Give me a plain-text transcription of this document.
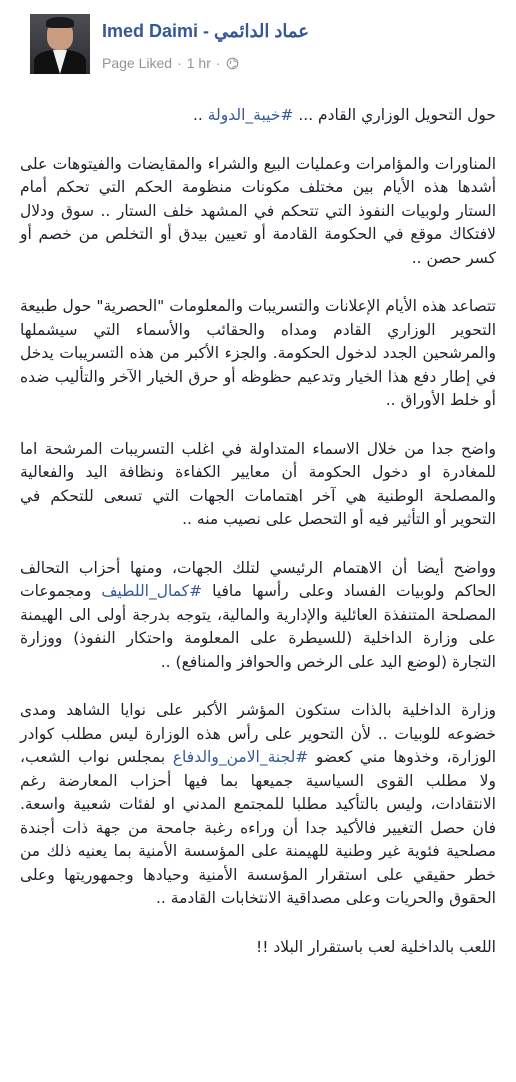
Imed Daimi - عماد الدائمي
Page Liked · 1 hr ·

حول التحويل الوزاري القادم ... #خيبة_الدولة ..

المناورات والمؤامرات وعمليات البيع والشراء والمقايضات والفيتوهات على أشدها هذه الأيام بين مختلف مكونات منظومة الحكم التي تحكم أمام الستار ولوبيات النفوذ التي تتحكم في المشهد خلف الستار .. سوق ودلال لافتكاك موقع في الحكومة القادمة أو تعيين بيدق أو التخلص من خصم أو كسر حصن ..

تتصاعد هذه الأيام الإعلانات والتسريبات والمعلومات "الحصرية" حول طبيعة التحوير الوزاري القادم ومداه والحقائب والأسماء التي سيشملها والمرشحين الجدد لدخول الحكومة. والجزء الأكبر من هذه التسريبات يدخل في إطار دفع هذا الخيار وتدعيم حظوظه أو حرق الخيار الآخر والتأليب ضده أو خلط الأوراق ..

واضح جدا من خلال الاسماء المتداولة في اغلب التسريبات المرشحة اما للمغادرة او دخول الحكومة أن معايير الكفاءة ونظافة اليد والفعالية والمصلحة الوطنية هي آخر اهتمامات الجهات التي تسعى للتحكم في التحوير أو التأثير فيه أو التحصل على نصيب منه ..

وواضح أيضا أن الاهتمام الرئيسي لتلك الجهات، ومنها أحزاب التحالف الحاكم ولوبيات الفساد وعلى رأسها مافيا #كمال_اللطيف ومجموعات المصلحة المتنفذة العائلية والإدارية والمالية، يتوجه بدرجة أولى الى الهيمنة على وزارة الداخلية (للسيطرة على المعلومة واحتكار النفوذ) ووزارة التجارة (لوضع اليد على الرخص والحوافز والمنافع) ..

وزارة الداخلية بالذات ستكون المؤشر الأكبر على نوايا الشاهد ومدى خضوعه للوبيات .. لأن التحوير على رأس هذه الوزارة ليس مطلب كوادر الوزارة، وخذوها مني كعضو #لجنة_الامن_والدفاع بمجلس نواب الشعب، ولا مطلب القوى السياسية جميعها بما فيها أحزاب المعارضة رغم الانتقادات، وليس بالتأكيد مطلبا للمجتمع المدني او لفئات شعبية واسعة. فان حصل التغيير فالأكيد جدا أن وراءه رغبة جامحة من جهة ذات أجندة مصلحية فئوية غير وطنية للهيمنة على المؤسسة الأمنية بما يعنيه ذلك من خطر حقيقي على استقرار المؤسسة الأمنية وحيادها وجمهوريتها وعلى الحقوق والحريات وعلى مصداقية الانتخابات القادمة ..

اللعب بالداخلية لعب باستقرار البلاد !!
